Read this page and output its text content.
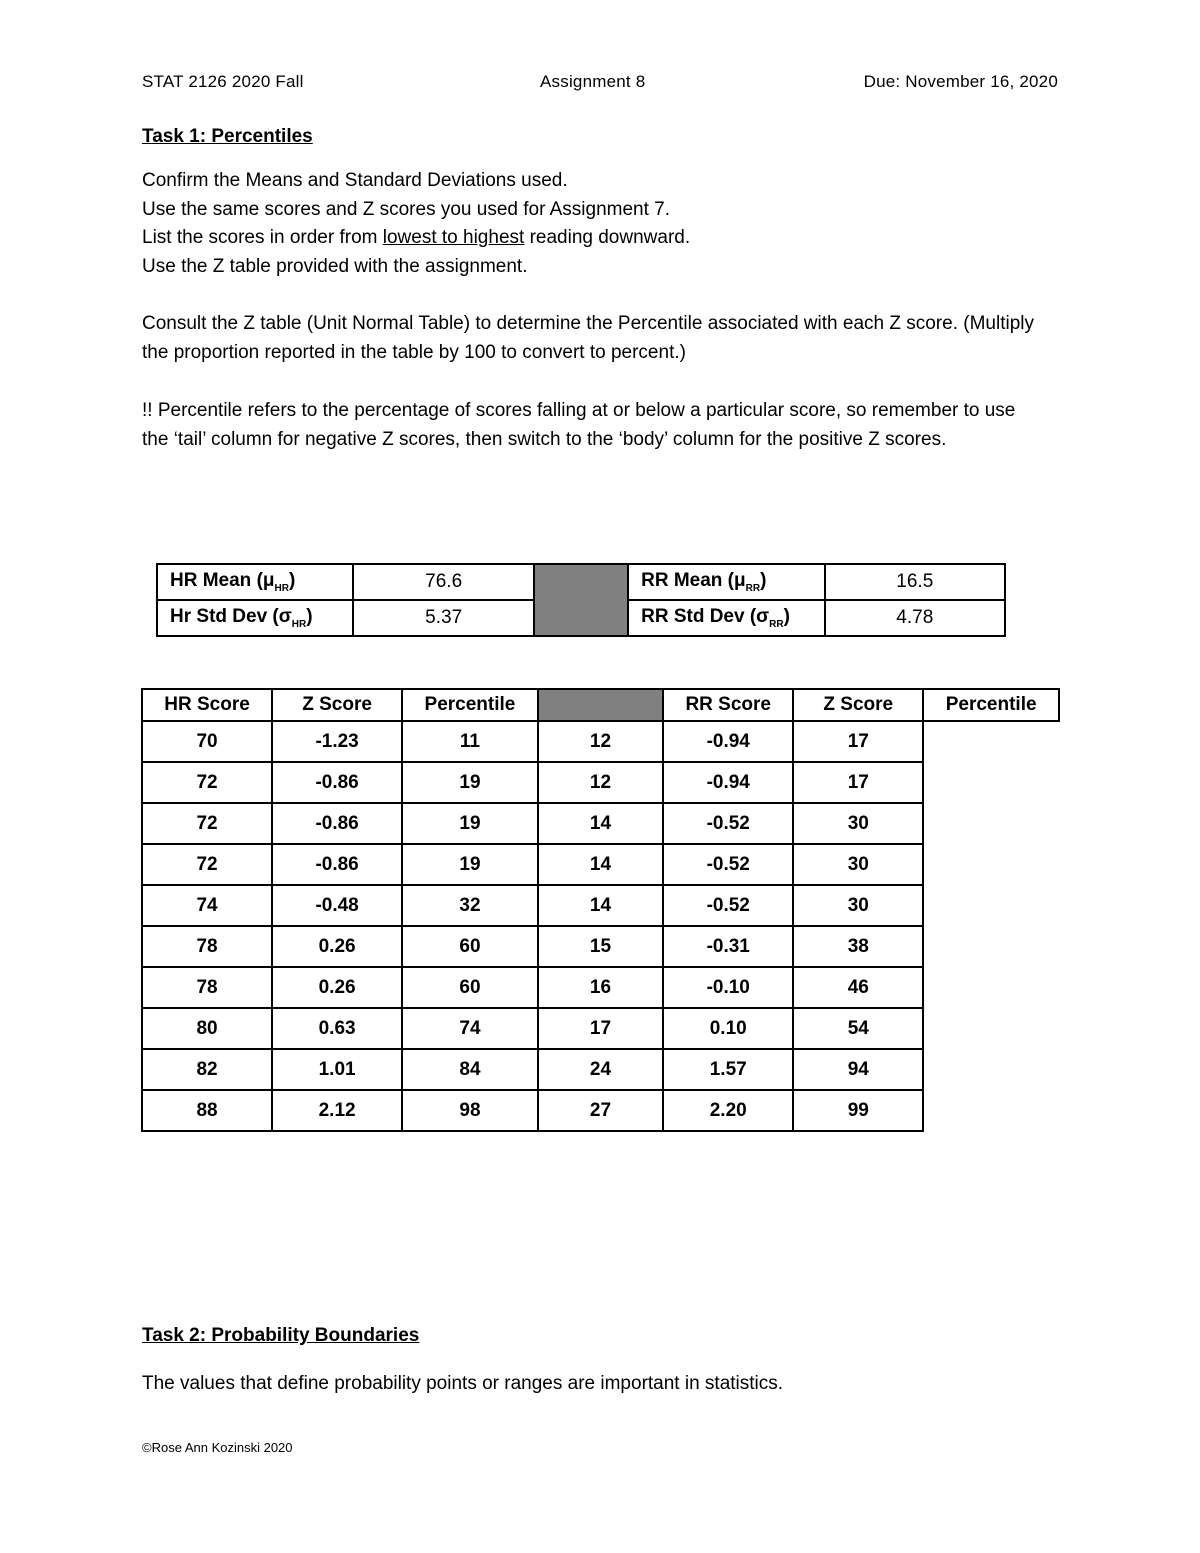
STAT 2126 2020 Fall	Assignment 8	Due: November 16, 2020
Task 1: Percentiles

Confirm the Means and Standard Deviations used.

Use the same scores and Z scores you used for Assignment 7.

List the scores in order from lowest to highest reading downward.

Use the Z table provided with the assignment.

Consult the Z table (Unit Normal Table) to determine the Percentile associated with each Z score. (Multiply the proportion reported in the table by 100 to convert to percent.)

!! Percentile refers to the percentage of scores falling at or below a particular score, so remember to use the ‘tail’ column for negative Z scores, then switch to the ‘body’ column for the positive Z scores.

HR Mean $(\mu_{HR})$	76.6		RR Mean $(\mu_{RR})$	16.5
Hr Std Dev $(\sigma_{HR})$	5.37		RR Std Dev $(\sigma_{RR})$	4.78
HR Score	Z Score	Percentile		RR Score	Z Score	Percentile
70	-1.23	11	12	-0.94	17	
72	-0.86	19	12	-0.94	17	
72	-0.86	19	14	-0.52	30	
72	-0.86	19	14	-0.52	30	
74	-0.48	32	14	-0.52	30	
78	0.26	60	15	-0.31	38	
78	0.26	60	16	-0.10	46	
80	0.63	74	17	0.10	54	
82	1.01	84	24	1.57	94	
88	2.12	98	27	2.20	99	
Task 2: Probability Boundaries
The values that define probability points or ranges are important in statistics.
©Rose Ann Kozinski 2020
